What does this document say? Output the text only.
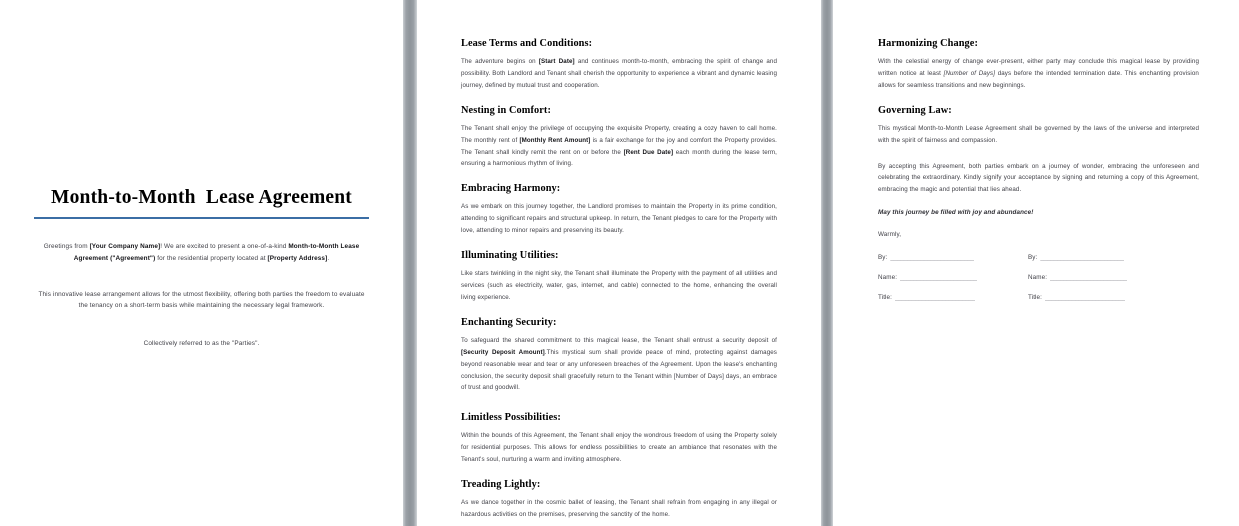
Month-to-Month  Lease Agreement

Greetings from [Your Company Name]! We are excited to present a one-of-a-kind Month-to-Month Lease Agreement ("Agreement") for the residential property located at [Property Address].

This innovative lease arrangement allows for the utmost flexibility, offering both parties the freedom to evaluate the tenancy on a short-term basis while maintaining the necessary legal framework.

Collectively referred to as the "Parties".

Lease Terms and Conditions:

The adventure begins on [Start Date] and continues month-to-month, embracing the spirit of change and possibility. Both Landlord and Tenant shall cherish the opportunity to experience a vibrant and dynamic leasing journey, defined by mutual trust and cooperation.

Nesting in Comfort:

The Tenant shall enjoy the privilege of occupying the exquisite Property, creating a cozy haven to call home. The monthly rent of [Monthly Rent Amount] is a fair exchange for the joy and comfort the Property provides. The Tenant shall kindly remit the rent on or before the [Rent Due Date] each month during the lease term, ensuring a harmonious rhythm of living.

Embracing Harmony:

As we embark on this journey together, the Landlord promises to maintain the Property in its prime condition, attending to significant repairs and structural upkeep. In return, the Tenant pledges to care for the Property with love, attending to minor repairs and preserving its beauty.

Illuminating Utilities:

Like stars twinkling in the night sky, the Tenant shall illuminate the Property with the payment of all utilities and services (such as electricity, water, gas, internet, and cable) connected to the home, enhancing the overall living experience.

Enchanting Security:

To safeguard the shared commitment to this magical lease, the Tenant shall entrust a security deposit of [Security Deposit Amount].This mystical sum shall provide peace of mind, protecting against damages beyond reasonable wear and tear or any unforeseen breaches of the Agreement. Upon the lease's enchanting conclusion, the security deposit shall gracefully return to the Tenant within [Number of Days] days, an embrace of trust and goodwill.

Limitless Possibilities:

Within the bounds of this Agreement, the Tenant shall enjoy the wondrous freedom of using the Property solely for residential purposes. This allows for endless possibilities to create an ambiance that resonates with the Tenant's soul, nurturing a warm and inviting atmosphere.

Treading Lightly:

As we dance together in the cosmic ballet of leasing, the Tenant shall refrain from engaging in any illegal or hazardous activities on the premises, preserving the sanctity of the home.

Harmonizing Change:

With the celestial energy of change ever-present, either party may conclude this magical lease by providing written notice at least [Number of Days] days before the intended termination date. This enchanting provision allows for seamless transitions and new beginnings.

Governing Law:

This mystical Month-to-Month Lease Agreement shall be governed by the laws of the universe and interpreted with the spirit of fairness and compassion.

By accepting this Agreement, both parties embark on a journey of wonder, embracing the unforeseen and celebrating the extraordinary. Kindly signify your acceptance by signing and returning a copy of this Agreement, embracing the magic and potential that lies ahead.

May this journey be filled with joy and abundance!
Warmly,
By: _________________________	By: _________________________
Name: _______________________	Name: _______________________
Title: ________________________	Title: ________________________
